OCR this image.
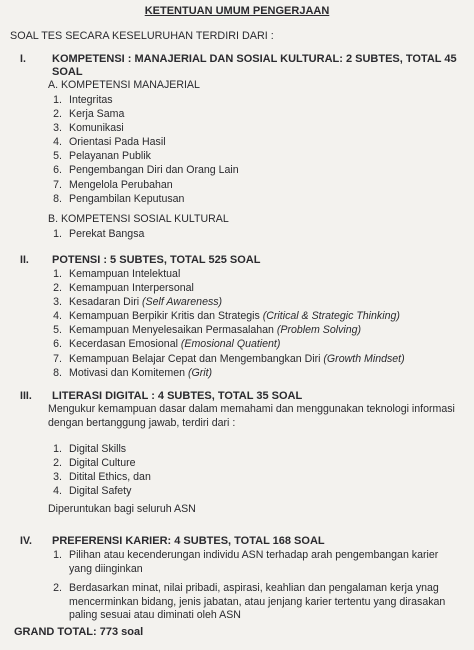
KETENTUAN UMUM PENGERJAAN
SOAL TES SECARA KESELURUHAN TERDIRI DARI :
I. KOMPETENSI : MANAJERIAL DAN SOSIAL KULTURAL: 2 SUBTES, TOTAL 45 SOAL
A. KOMPETENSI MANAJERIAL
1. Integritas
2. Kerja Sama
3. Komunikasi
4. Orientasi Pada Hasil
5. Pelayanan Publik
6. Pengembangan Diri dan Orang Lain
7. Mengelola Perubahan
8. Pengambilan Keputusan
B. KOMPETENSI SOSIAL KULTURAL
1. Perekat Bangsa
II. POTENSI : 5 SUBTES, TOTAL 525 SOAL
1. Kemampuan Intelektual
2. Kemampuan Interpersonal
3. Kesadaran Diri (Self Awareness)
4. Kemampuan Berpikir Kritis dan Strategis (Critical & Strategic Thinking)
5. Kemampuan Menyelesaikan Permasalahan (Problem Solving)
6. Kecerdasan Emosional (Emosional Quatient)
7. Kemampuan Belajar Cepat dan Mengembangkan Diri (Growth Mindset)
8. Motivasi dan Komitemen (Grit)
III. LITERASI DIGITAL : 4 SUBTES, TOTAL 35 SOAL
Mengukur kemampuan dasar dalam memahami dan menggunakan teknologi informasi dengan bertanggung jawab, terdiri dari :
1. Digital Skills
2. Digital Culture
3. Ditital Ethics, dan
4. Digital Safety
Diperuntukan bagi seluruh ASN
IV. PREFERENSI KARIER: 4 SUBTES, TOTAL 168 SOAL
1. Pilihan atau kecenderungan individu ASN terhadap arah pengembangan karier yang diinginkan
2. Berdasarkan minat, nilai pribadi, aspirasi, keahlian dan pengalaman kerja ynag mencerminkan bidang, jenis jabatan, atau jenjang karier tertentu yang dirasakan paling sesuai atau diminati oleh ASN
GRAND TOTAL: 773 soal
